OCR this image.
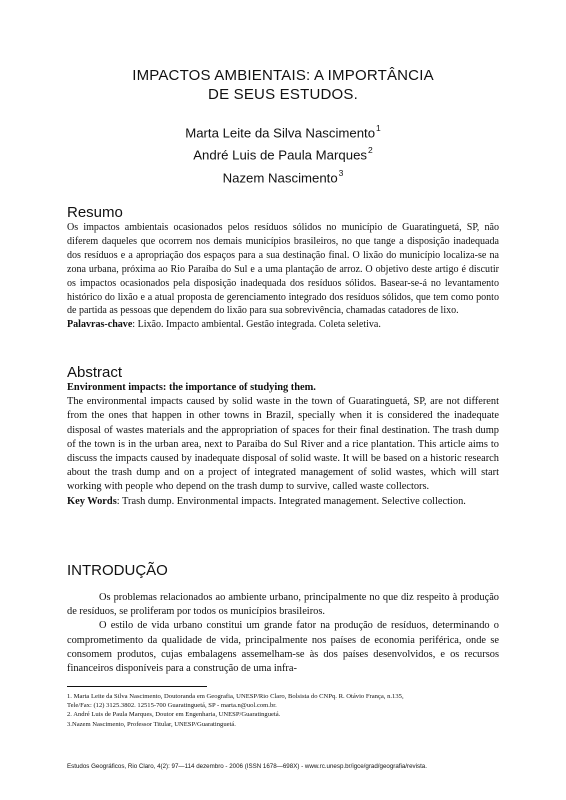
IMPACTOS AMBIENTAIS: A IMPORTÂNCIA
DE SEUS ESTUDOS.
Marta Leite da Silva Nascimento$^1$
André Luis de Paula Marques$^2$
Nazem Nascimento$^3$
Resumo

Os impactos ambientais ocasionados pelos resíduos sólidos no município de Guaratinguetá, SP, não diferem daqueles que ocorrem nos demais municípios brasileiros, no que tange a disposição inadequada dos resíduos e a apropriação dos espaços para a sua destinação final. O lixão do município localiza-se na zona urbana, próxima ao Rio Paraíba do Sul e a uma plantação de arroz. O objetivo deste artigo é discutir os impactos ocasionados pela disposição inadequada dos resíduos sólidos. Basear-se-á no levantamento histórico do lixão e a atual proposta de gerenciamento integrado dos resíduos sólidos, que tem como ponto de partida as pessoas que dependem do lixão para sua sobrevivência, chamadas catadores de lixo.

Palavras-chave: Lixão. Impacto ambiental. Gestão integrada. Coleta seletiva.

Abstract

Environment impacts: the importance of studying them.

The environmental impacts caused by solid waste in the town of Guaratinguetá, SP, are not different from the ones that happen in other towns in Brazil, specially when it is considered the inadequate disposal of wastes materials and the appropriation of spaces for their final destination. The trash dump of the town is in the urban area, next to Paraíba do Sul River and a rice plantation. This article aims to discuss the impacts caused by inadequate disposal of solid waste. It will be based on a historic research about the trash dump and on a project of integrated management of solid wastes, which will start working with people who depend on the trash dump to survive, called waste collectors.

Key Words: Trash dump. Environmental impacts. Integrated management. Selective collection.

INTRODUÇÃO

Os problemas relacionados ao ambiente urbano, principalmente no que diz respeito à produção de resíduos, se proliferam por todos os municípios brasileiros.

O estilo de vida urbano constitui um grande fator na produção de resíduos, determinando o comprometimento da qualidade de vida, principalmente nos países de economia periférica, onde se consomem produtos, cujas embalagens assemelham-se às dos países desenvolvidos, e os recursos financeiros disponíveis para a construção de uma infra-

1. Marta Leite da Silva Nascimento, Doutoranda em Geografia, UNESP/Rio Claro, Bolsista do CNPq. R. Otávio França, n.135,
Tele/Fax: (12) 3125.3802. 12515-700 Guaratinguetá, SP - marta.n@uol.com.br.
2. André Luis de Paula Marques, Doutor em Engenharia, UNESP/Guaratinguetá.
3.Nazem Nascimento, Professor Titular, UNESP/Guaratinguetá.
Estudos Geográficos, Rio Claro, 4(2): 97—114 dezembro - 2006 (ISSN 1678—698X) - www.rc.unesp.br/igce/grad/geografia/revista.
